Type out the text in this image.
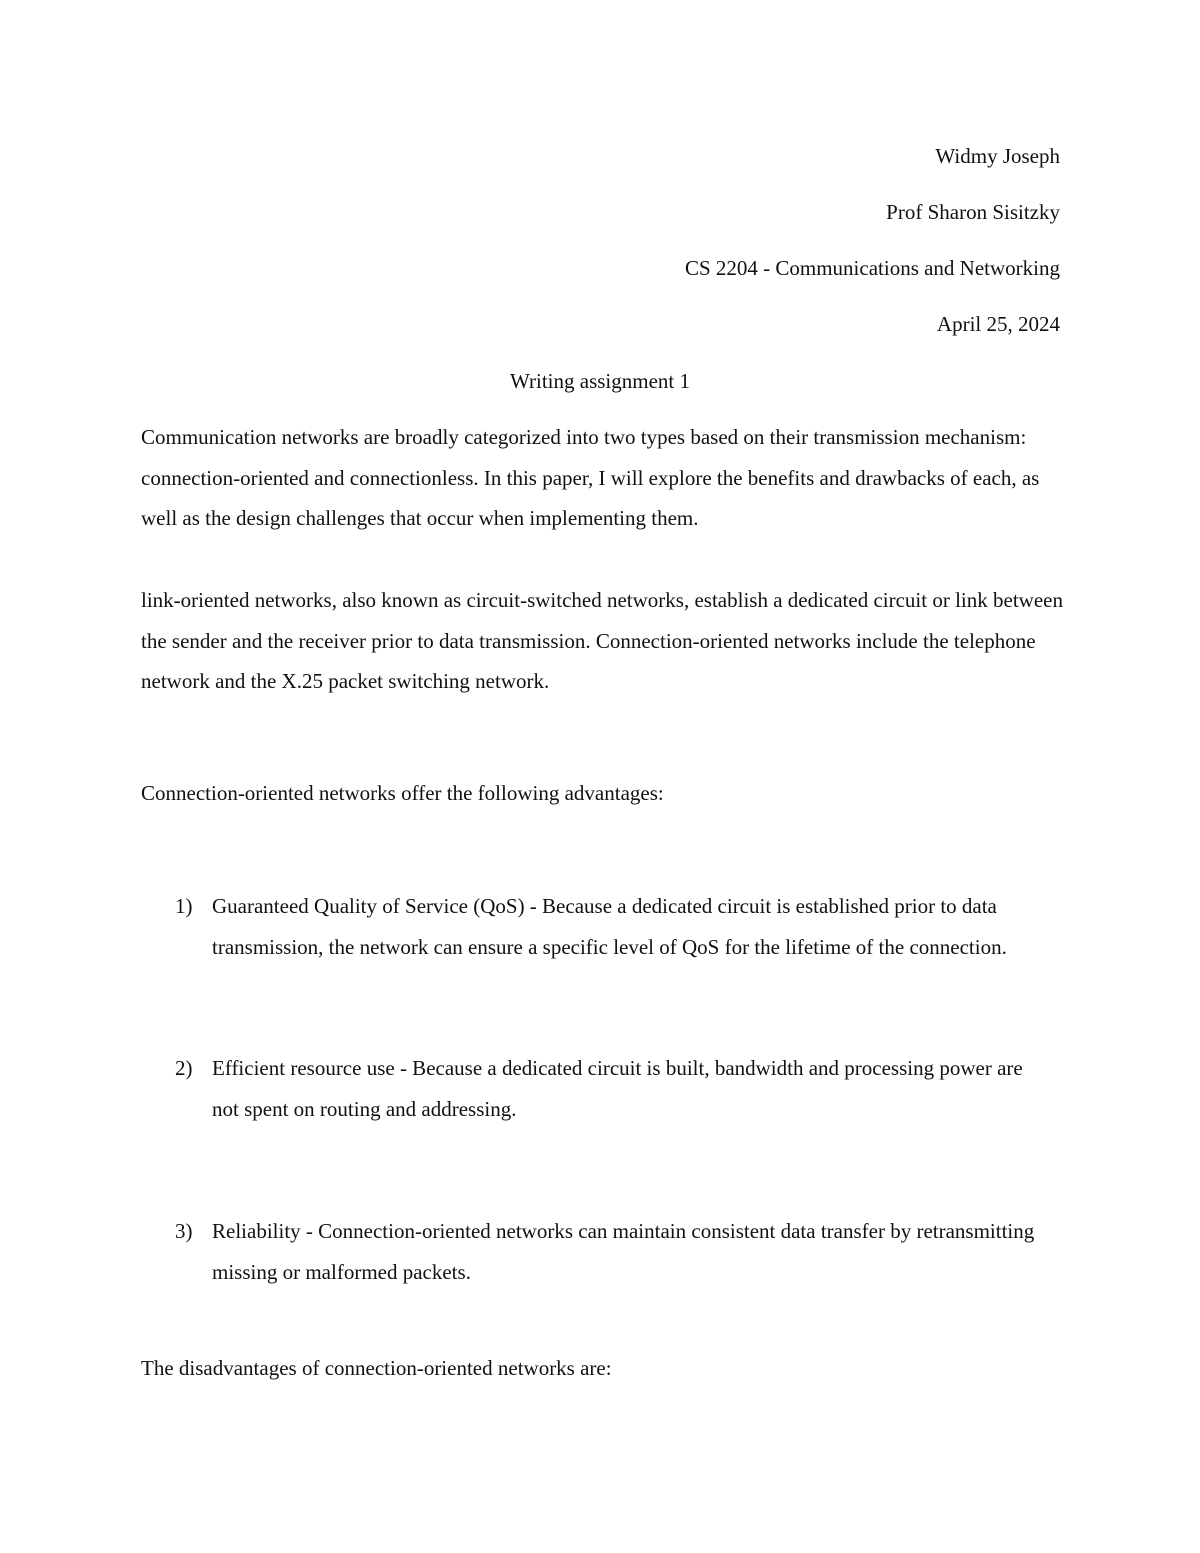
Widmy Joseph
Prof Sharon Sisitzky
CS 2204 - Communications and Networking
April 25, 2024
Writing assignment 1

Communication networks are broadly categorized into two types based on their transmission mechanism: connection-oriented and connectionless. In this paper, I will explore the benefits and drawbacks of each, as well as the design challenges that occur when implementing them.

link-oriented networks, also known as circuit-switched networks, establish a dedicated circuit or link between the sender and the receiver prior to data transmission. Connection-oriented networks include the telephone network and the X.25 packet switching network.

Connection-oriented networks offer the following advantages:

1) Guaranteed Quality of Service (QoS) - Because a dedicated circuit is established prior to data transmission, the network can ensure a specific level of QoS for the lifetime of the connection.
2) Efficient resource use - Because a dedicated circuit is built, bandwidth and processing power are not spent on routing and addressing.
3) Reliability - Connection-oriented networks can maintain consistent data transfer by retransmitting missing or malformed packets.

The disadvantages of connection-oriented networks are:
